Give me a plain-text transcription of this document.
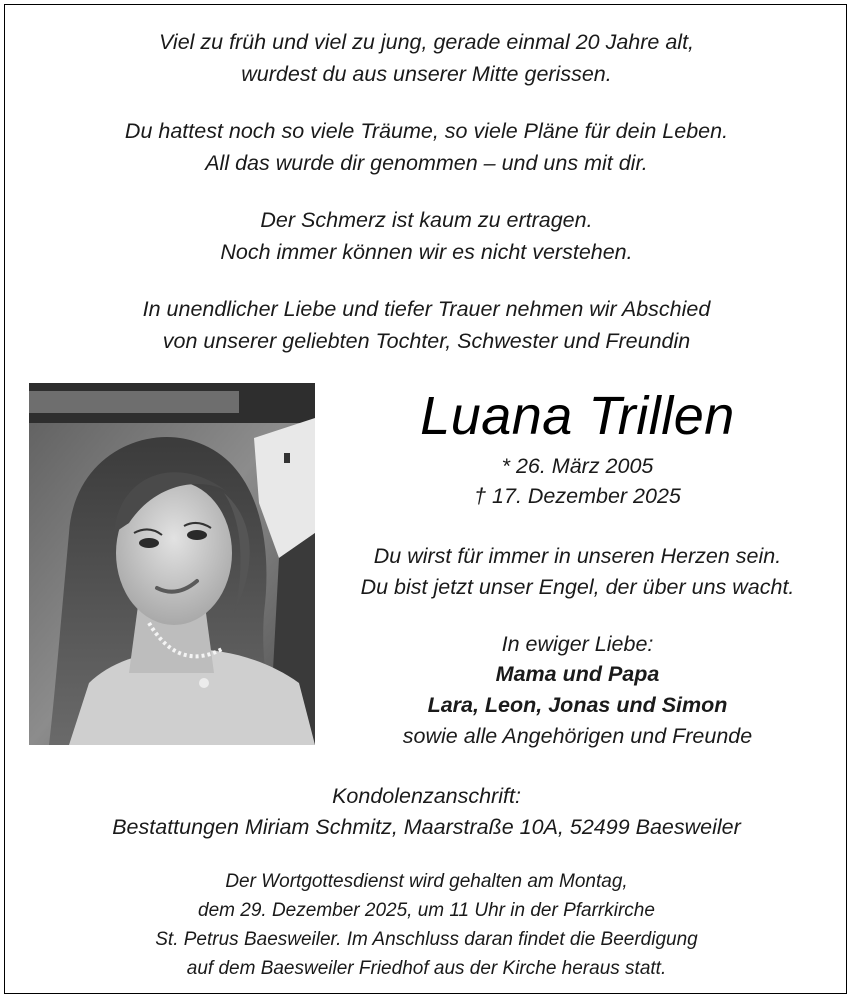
Viel zu früh und viel zu jung, gerade einmal 20 Jahre alt,
wurdest du aus unserer Mitte gerissen.
Du hattest noch so viele Träume, so viele Pläne für dein Leben.
All das wurde dir genommen – und uns mit dir.
Der Schmerz ist kaum zu ertragen.
Noch immer können wir es nicht verstehen.
In unendlicher Liebe und tiefer Trauer nehmen wir Abschied
von unserer geliebten Tochter, Schwester und Freundin
Luana Trillen
* 26. März 2005
† 17. Dezember 2025
Du wirst für immer in unseren Herzen sein.
Du bist jetzt unser Engel, der über uns wacht.
In ewiger Liebe:
Mama und Papa
Lara, Leon, Jonas und Simon
sowie alle Angehörigen und Freunde
Kondolenzanschrift:
Bestattungen Miriam Schmitz, Maarstraße 10A, 52499 Baesweiler
Der Wortgottesdienst wird gehalten am Montag,
dem 29. Dezember 2025, um 11 Uhr in der Pfarrkirche
St. Petrus Baesweiler. Im Anschluss daran findet die Beerdigung
auf dem Baesweiler Friedhof aus der Kirche heraus statt.
